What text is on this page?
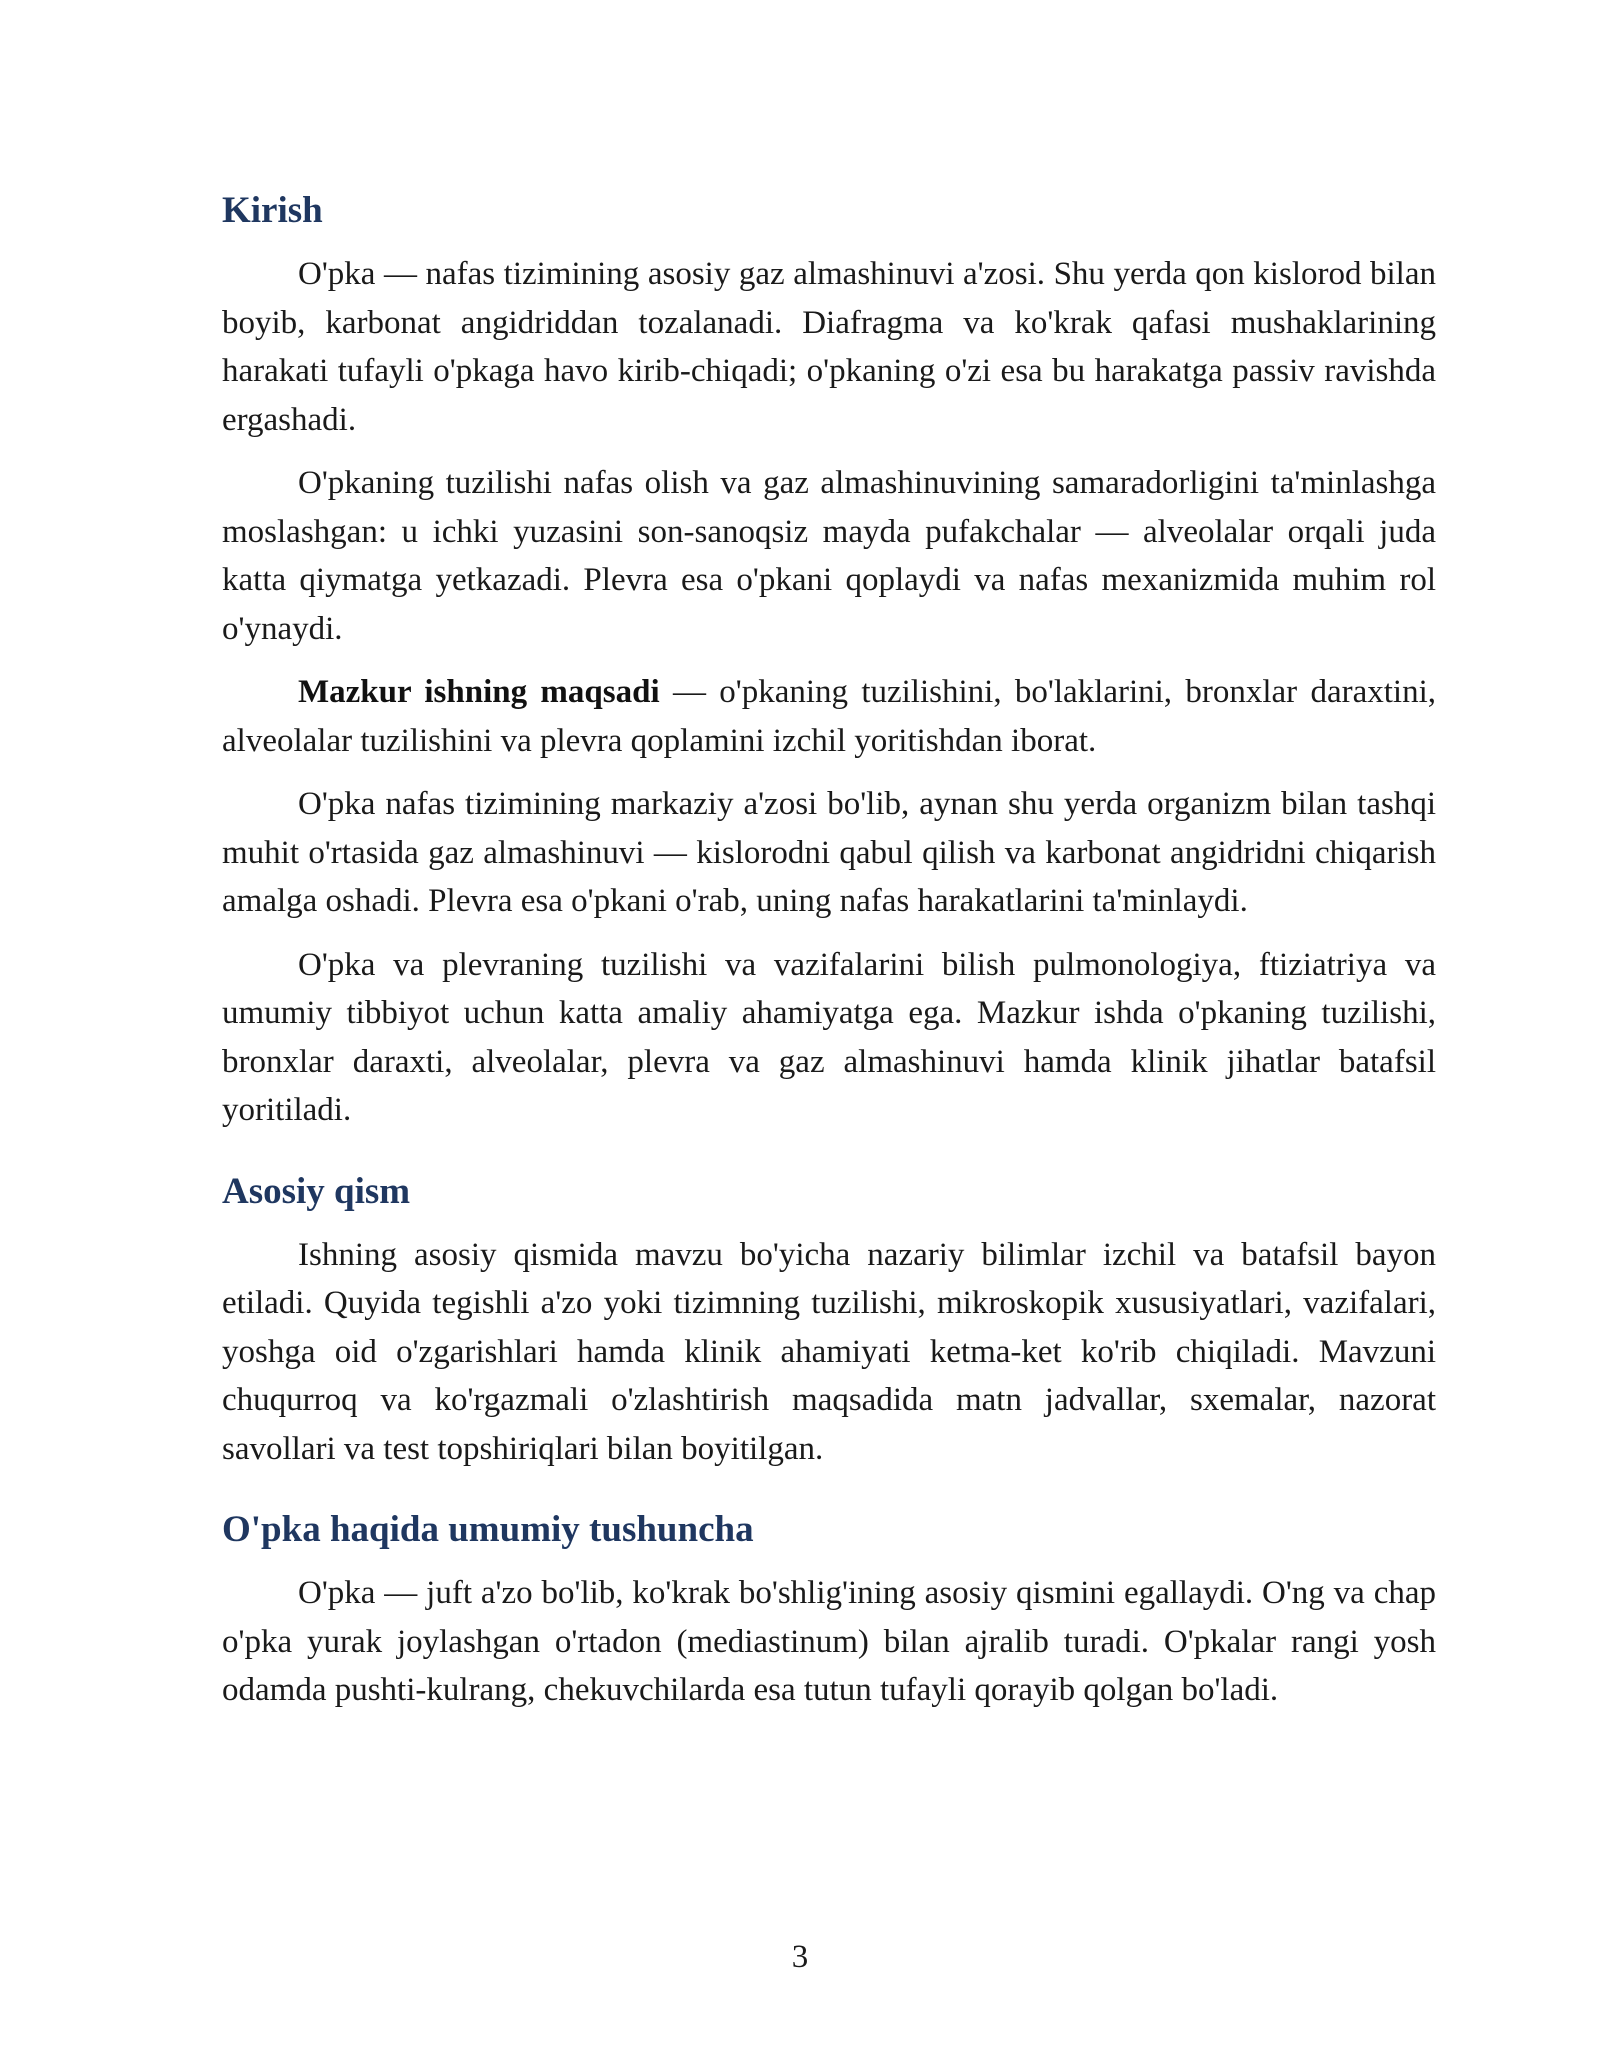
Kirish

O'pka — nafas tizimining asosiy gaz almashinuvi a'zosi. Shu yerda qon kislorod bilan boyib, karbonat angidriddan tozalanadi. Diafragma va ko'krak qafasi mushaklarining harakati tufayli o'pkaga havo kirib-chiqadi; o'pkaning o'zi esa bu harakatga passiv ravishda ergashadi.

O'pkaning tuzilishi nafas olish va gaz almashinuvining samaradorligini ta'minlashga moslashgan: u ichki yuzasini son-sanoqsiz mayda pufakchalar — alveolalar orqali juda katta qiymatga yetkazadi. Plevra esa o'pkani qoplaydi va nafas mexanizmida muhim rol o'ynaydi.

Mazkur ishning maqsadi — o'pkaning tuzilishini, bo'laklarini, bronxlar daraxtini, alveolalar tuzilishini va plevra qoplamini izchil yoritishdan iborat.

O'pka nafas tizimining markaziy a'zosi bo'lib, aynan shu yerda organizm bilan tashqi muhit o'rtasida gaz almashinuvi — kislorodni qabul qilish va karbonat angidridni chiqarish amalga oshadi. Plevra esa o'pkani o'rab, uning nafas harakatlarini ta'minlaydi.

O'pka va plevraning tuzilishi va vazifalarini bilish pulmonologiya, ftiziatriya va umumiy tibbiyot uchun katta amaliy ahamiyatga ega. Mazkur ishda o'pkaning tuzilishi, bronxlar daraxti, alveolalar, plevra va gaz almashinuvi hamda klinik jihatlar batafsil yoritiladi.

Asosiy qism

Ishning asosiy qismida mavzu bo'yicha nazariy bilimlar izchil va batafsil bayon etiladi. Quyida tegishli a'zo yoki tizimning tuzilishi, mikroskopik xususiyatlari, vazifalari, yoshga oid o'zgarishlari hamda klinik ahamiyati ketma-ket ko'rib chiqiladi. Mavzuni chuqurroq va ko'rgazmali o'zlashtirish maqsadida matn jadvallar, sxemalar, nazorat savollari va test topshiriqlari bilan boyitilgan.

O'pka haqida umumiy tushuncha

O'pka — juft a'zo bo'lib, ko'krak bo'shlig'ining asosiy qismini egallaydi. O'ng va chap o'pka yurak joylashgan o'rtadon (mediastinum) bilan ajralib turadi. O'pkalar rangi yosh odamda pushti-kulrang, chekuvchilarda esa tutun tufayli qorayib qolgan bo'ladi.

3
